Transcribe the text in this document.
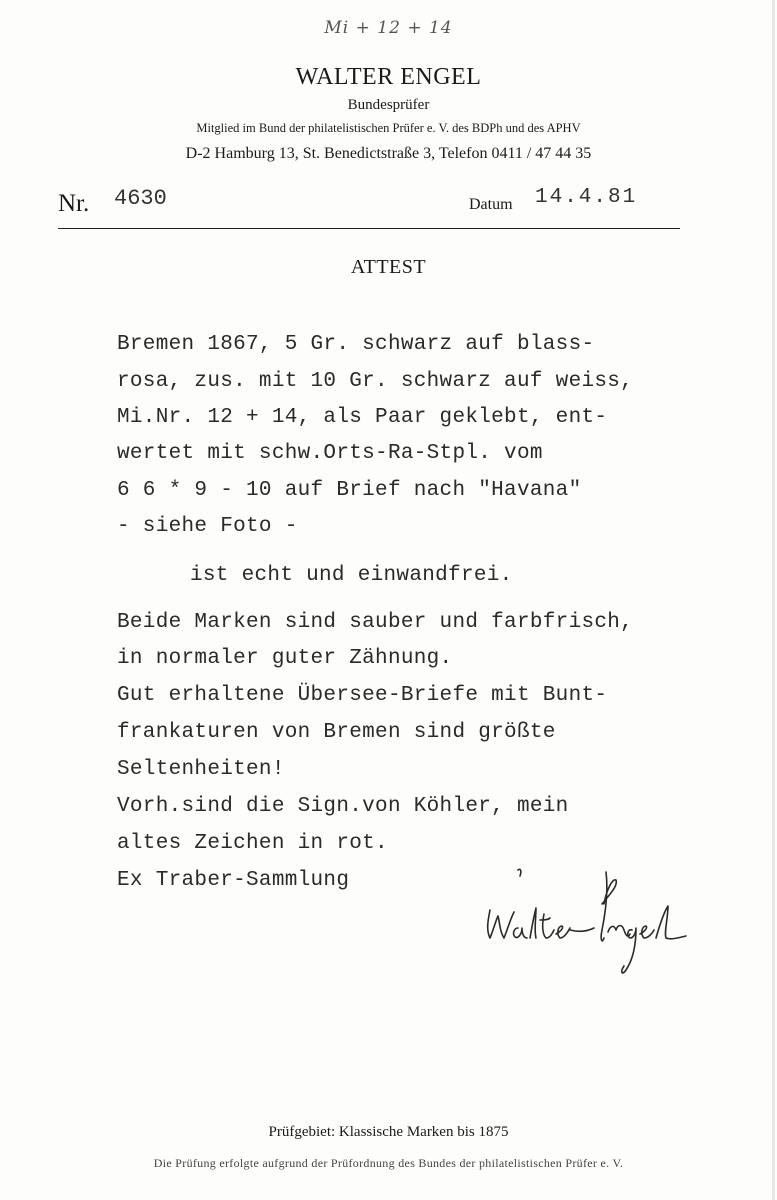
Mi + 12 + 14
WALTER ENGEL
Bundesprüfer
Mitglied im Bund der philatelistischen Prüfer e. V. des BDPh und des APHV
D-2 Hamburg 13, St. Benedictstraße 3, Telefon 0411 / 47 44 35
Nr. 4630	Datum 14.4.81
ATTEST
Bremen 1867, 5 Gr. schwarz auf blass-
rosa, zus. mit 10 Gr. schwarz auf weiss,
Mi.Nr. 12 + 14, als Paar geklebt, ent-
wertet mit schw.Orts-Ra-Stpl. vom
6 6 * 9 - 10 auf Brief nach "Havana"
- siehe Foto -
ist echt und einwandfrei.
Beide Marken sind sauber und farbfrisch,
in normaler guter Zähnung.
Gut erhaltene Übersee-Briefe mit Bunt-
frankaturen von Bremen sind größte
Seltenheiten!
Vorh.sind die Sign.von Köhler, mein
altes Zeichen in rot.
Ex Traber-Sammlung
Walter Engel
Prüfgebiet: Klassische Marken bis 1875
Die Prüfung erfolgte aufgrund der Prüfordnung des Bundes der philatelistischen Prüfer e. V.
